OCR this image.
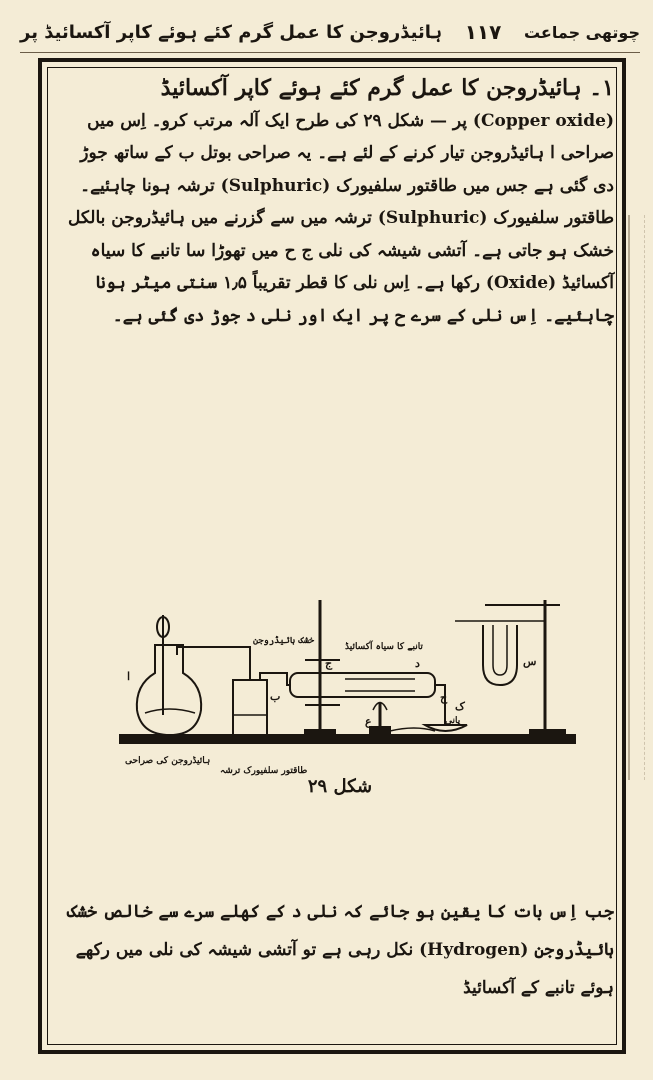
چوتھی جماعت
۱۱۷
ہائیڈروجن کا عمل گرم کئے ہوئے کاپر آکسائیڈ پر

۱۔ ہائیڈروجن کا عمل گرم کئے ہوئے کاپر آکسائیڈ

(Copper oxide) پر — شکل ۲۹ کی طرح ایک آلہ مرتب کرو۔ اِس میں صراحی ا ہائیڈروجن تیار کرنے کے لئے ہے۔ یہ صراحی بوتل ب کے ساتھ جوڑ دی گئی ہے جس میں طاقتور سلفیورک (Sulphuric) ترشہ ہونا چاہئیے۔ طاقتور سلفیورک (Sulphuric) ترشہ میں سے گزرنے میں ہائیڈروجن بالکل خشک ہو جاتی ہے۔ آتشی شیشہ کی نلی ج ح میں تھوڑا سا تانبے کا سیاہ آکسائیڈ (Oxide) رکھا ہے۔ اِس نلی کا قطر تقریباً ۱٫۵ سنتی میٹر ہونا چاہئیے۔ اِس نلی کے سرے ح پر ایک اور نلی د جوڑ دی گئی ہے۔

ا
ب
ج	د
ح
ع
ک
س
خشک ہائیڈروجن
تانبے کا سیاہ آکسائیڈ
پانی
ہائیڈروجن کی صراحی
طاقتور سلفیورک ترشہ
شکل ۲۹

جب اِس بات کا یقین ہو جائے کہ نلی د کے کھلے سرے سے خالص خشک ہائیڈروجن (Hydrogen) نکل رہی ہے تو آتشی شیشہ کی نلی میں رکھے ہوئے تانبے کے آکسائیڈ
